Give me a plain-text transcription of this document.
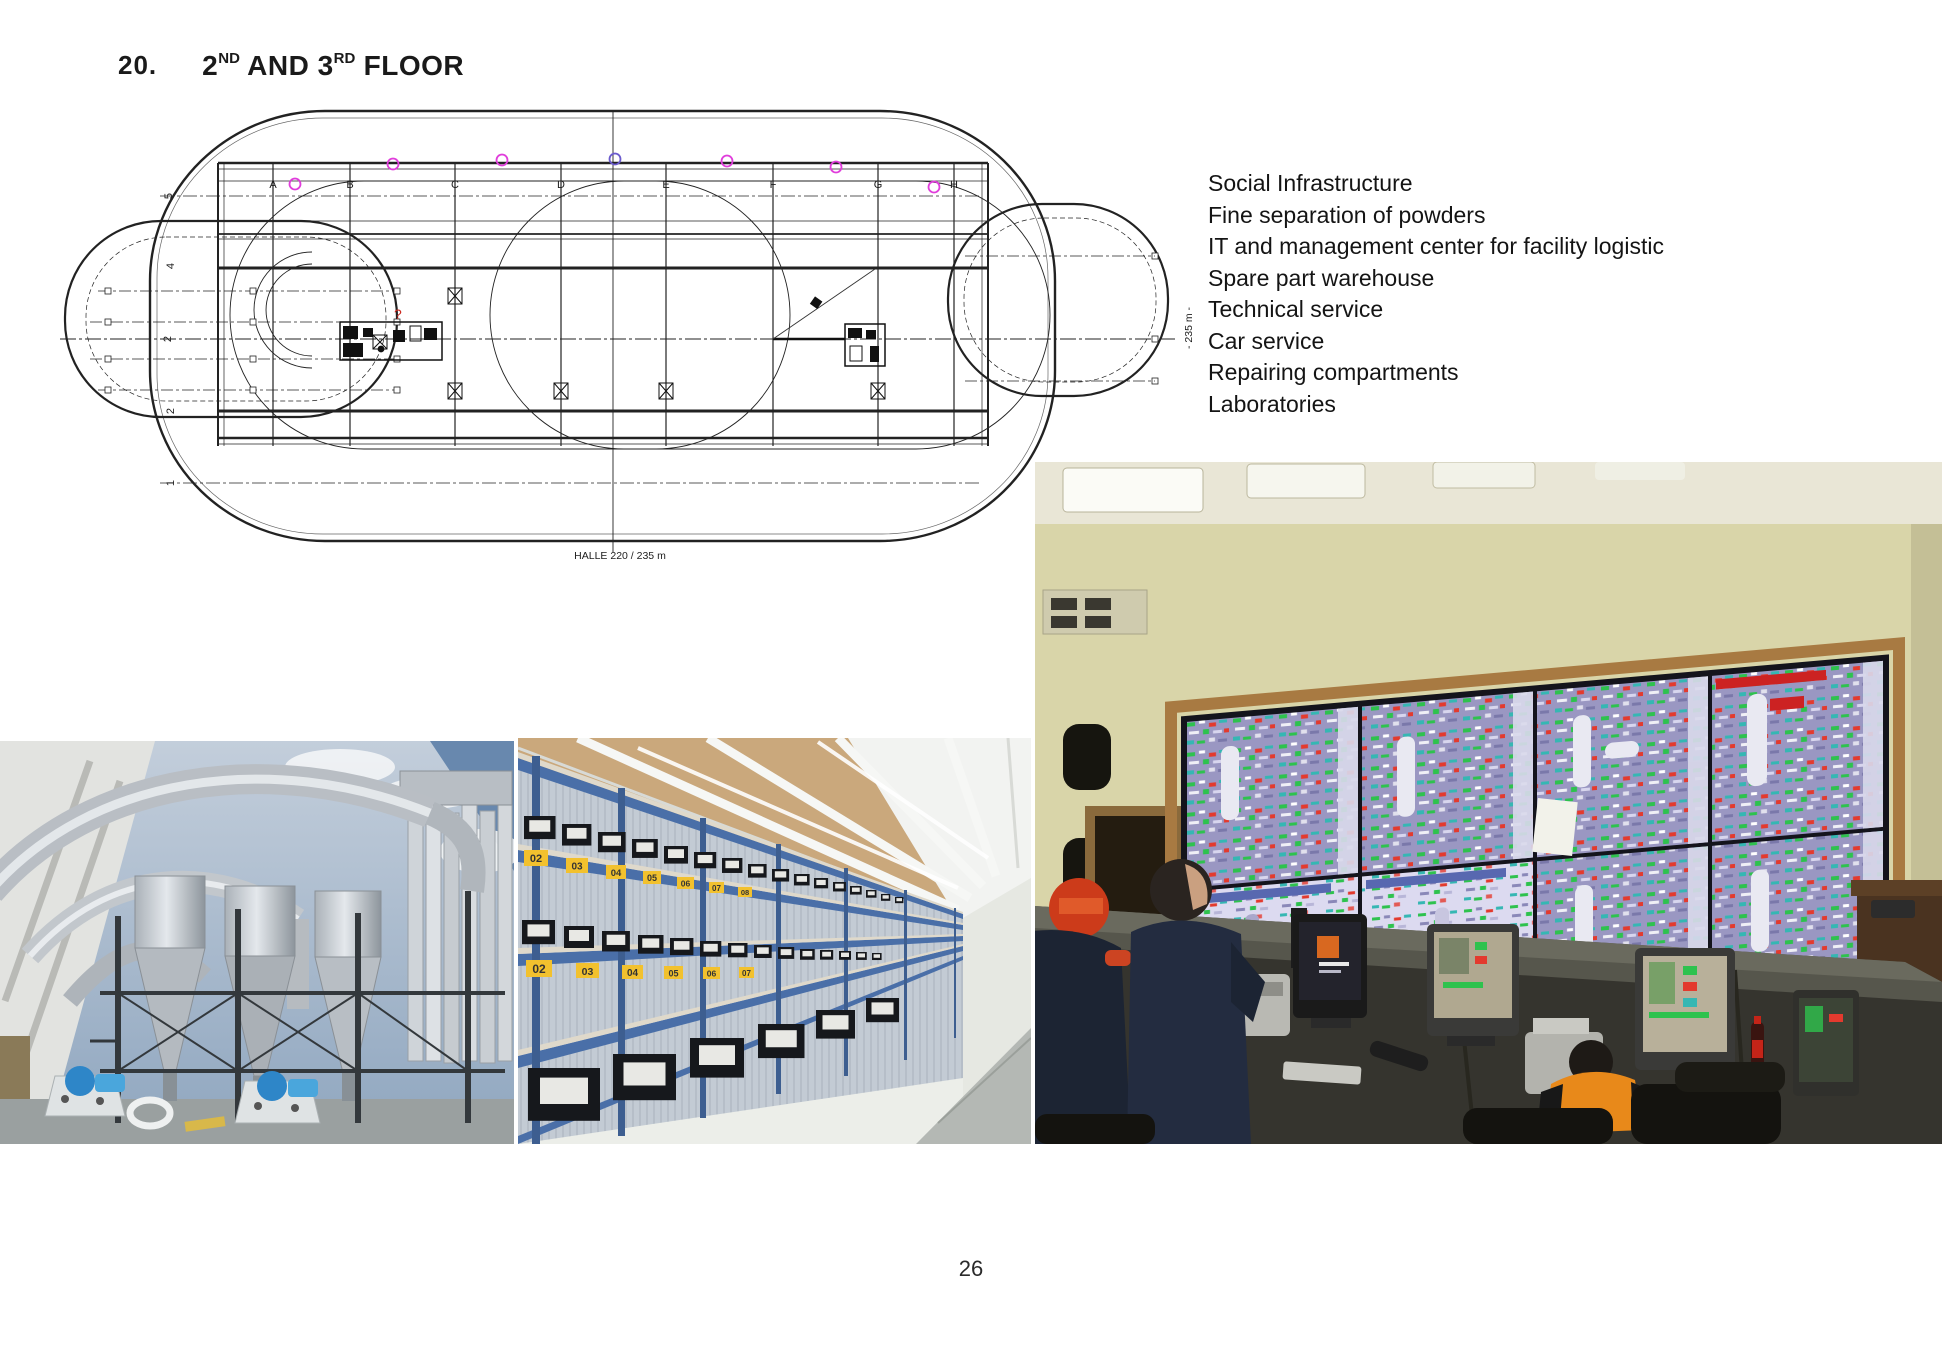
20. 2ND AND 3RD FLOOR
Social Infrastructure
Fine separation of powders
IT and management center for facility logistic
Spare part warehouse
Technical service
Car service
Repairing compartments
Laboratories
A	B	C	D	E	F	G	H
5
4
2
2
1
HALLE 220 / 235 m
- 235 m -
?
02
03
04	05
06	07	08
02	03	04	05	06	07
26
